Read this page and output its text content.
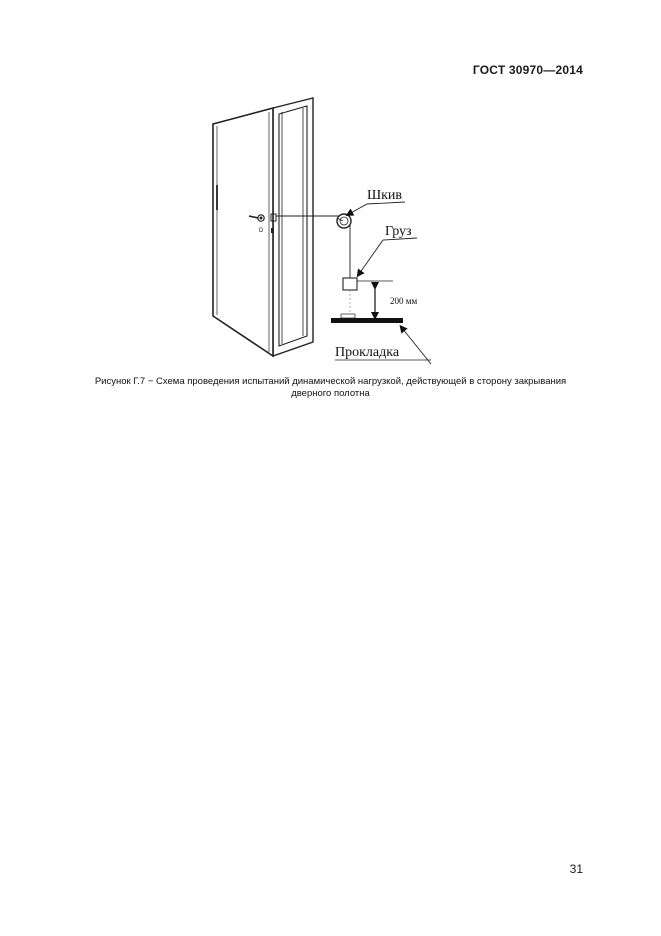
ГОСТ 30970—2014
D
Шкив
Груз
200 мм
Прокладка
Рисунок Г.7 − Схема проведения испытаний динамической нагрузкой, действующей в сторону закрывания
дверного полотна
31
